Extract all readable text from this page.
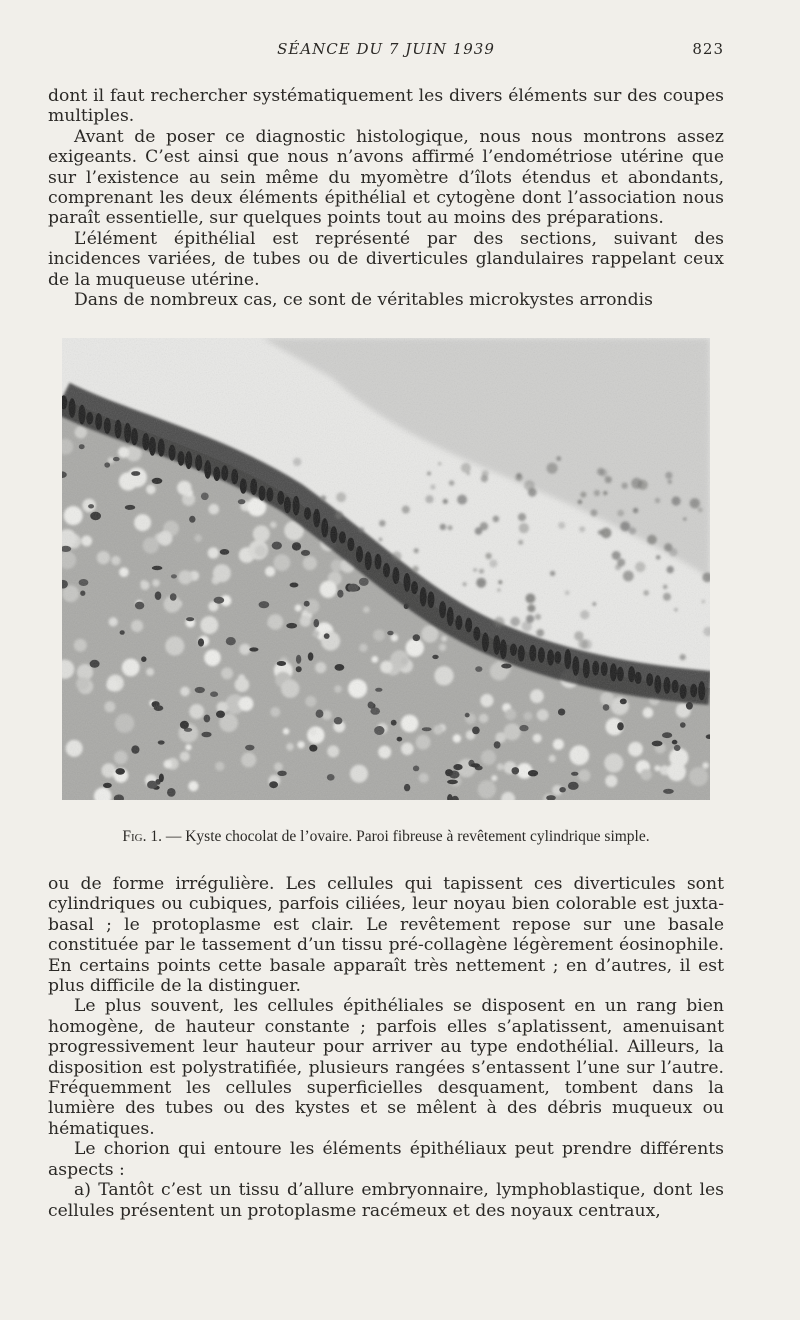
SÉANCE DU 7 JUIN 1939	823

dont il faut rechercher systématiquement les divers éléments sur des coupes multiples.

Avant de poser ce diagnostic histologique, nous nous montrons assez exigeants. C’est ainsi que nous n’avons affirmé l’endométriose utérine que sur l’existence au sein même du myomètre d’îlots étendus et abondants, comprenant les deux éléments épithélial et cytogène dont l’association nous paraît essentielle, sur quelques points tout au moins des préparations.

L’élément épithélial est représenté par des sections, suivant des incidences variées, de tubes ou de diverticules glandulaires rappelant ceux de la muqueuse utérine.

Dans de nombreux cas, ce sont de véritables microkystes arrondis

Fig. 1. — Kyste chocolat de l’ovaire. Paroi fibreuse à revêtement cylindrique simple.

ou de forme irrégulière. Les cellules qui tapissent ces diverticules sont cylindriques ou cubiques, parfois ciliées, leur noyau bien colorable est juxta-basal ; le protoplasme est clair. Le revêtement repose sur une basale constituée par le tassement d’un tissu pré-collagène légèrement éosinophile. En certains points cette basale apparaît très nettement ; en d’autres, il est plus difficile de la distinguer.

Le plus souvent, les cellules épithéliales se disposent en un rang bien homogène, de hauteur constante ; parfois elles s’aplatissent, amenuisant progressivement leur hauteur pour arriver au type endothélial. Ailleurs, la disposition est polystratifiée, plusieurs rangées s’entassent l’une sur l’autre. Fréquemment les cellules superficielles desquament, tombent dans la lumière des tubes ou des kystes et se mêlent à des débris muqueux ou hématiques.

Le chorion qui entoure les éléments épithéliaux peut prendre différents aspects :

a) Tantôt c’est un tissu d’allure embryonnaire, lymphoblastique, dont les cellules présentent un protoplasme racémeux et des noyaux centraux,
